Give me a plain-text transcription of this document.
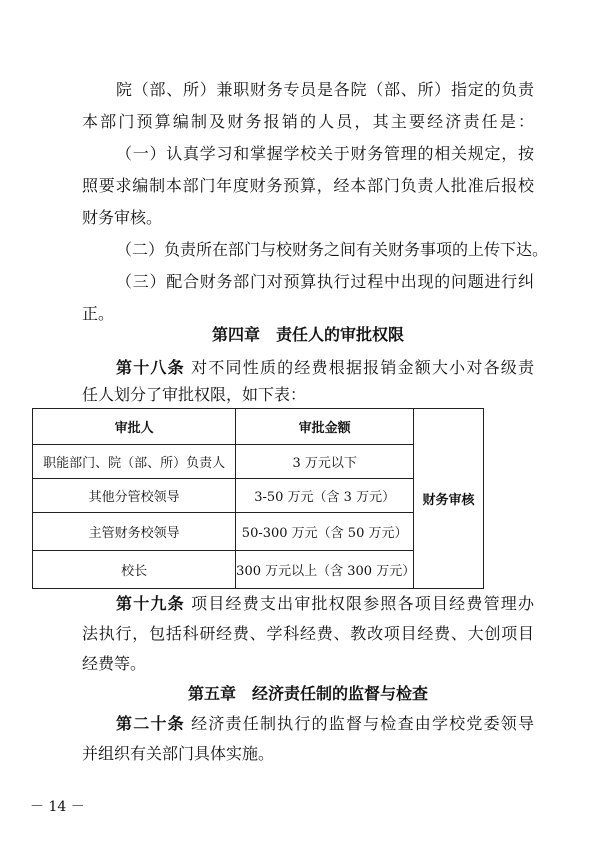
院（部、所）兼职财务专员是各院（部、所）指定的负责
本部门预算编制及财务报销的人员，其主要经济责任是：
（一）认真学习和掌握学校关于财务管理的相关规定，按
照要求编制本部门年度财务预算，经本部门负责人批准后报校
财务审核。
（二）负责所在部门与校财务之间有关财务事项的上传下达。
（三）配合财务部门对预算执行过程中出现的问题进行纠
正。
第四章　责任人的审批权限
第十八条 对不同性质的经费根据报销金额大小对各级责
任人划分了审批权限，如下表：
审批人	审批金额	财务审核
职能部门、院（部、所）负责人	3 万元以下	
其他分管校领导	3-50 万元（含 3 万元）	
主管财务校领导	50-300 万元（含 50 万元）	
校长	300 万元以上（含 300 万元）	
第十九条 项目经费支出审批权限参照各项目经费管理办
法执行，包括科研经费、学科经费、教改项目经费、大创项目
经费等。
第五章　经济责任制的监督与检查
第二十条 经济责任制执行的监督与检查由学校党委领导
并组织有关部门具体实施。
－ 14 －
